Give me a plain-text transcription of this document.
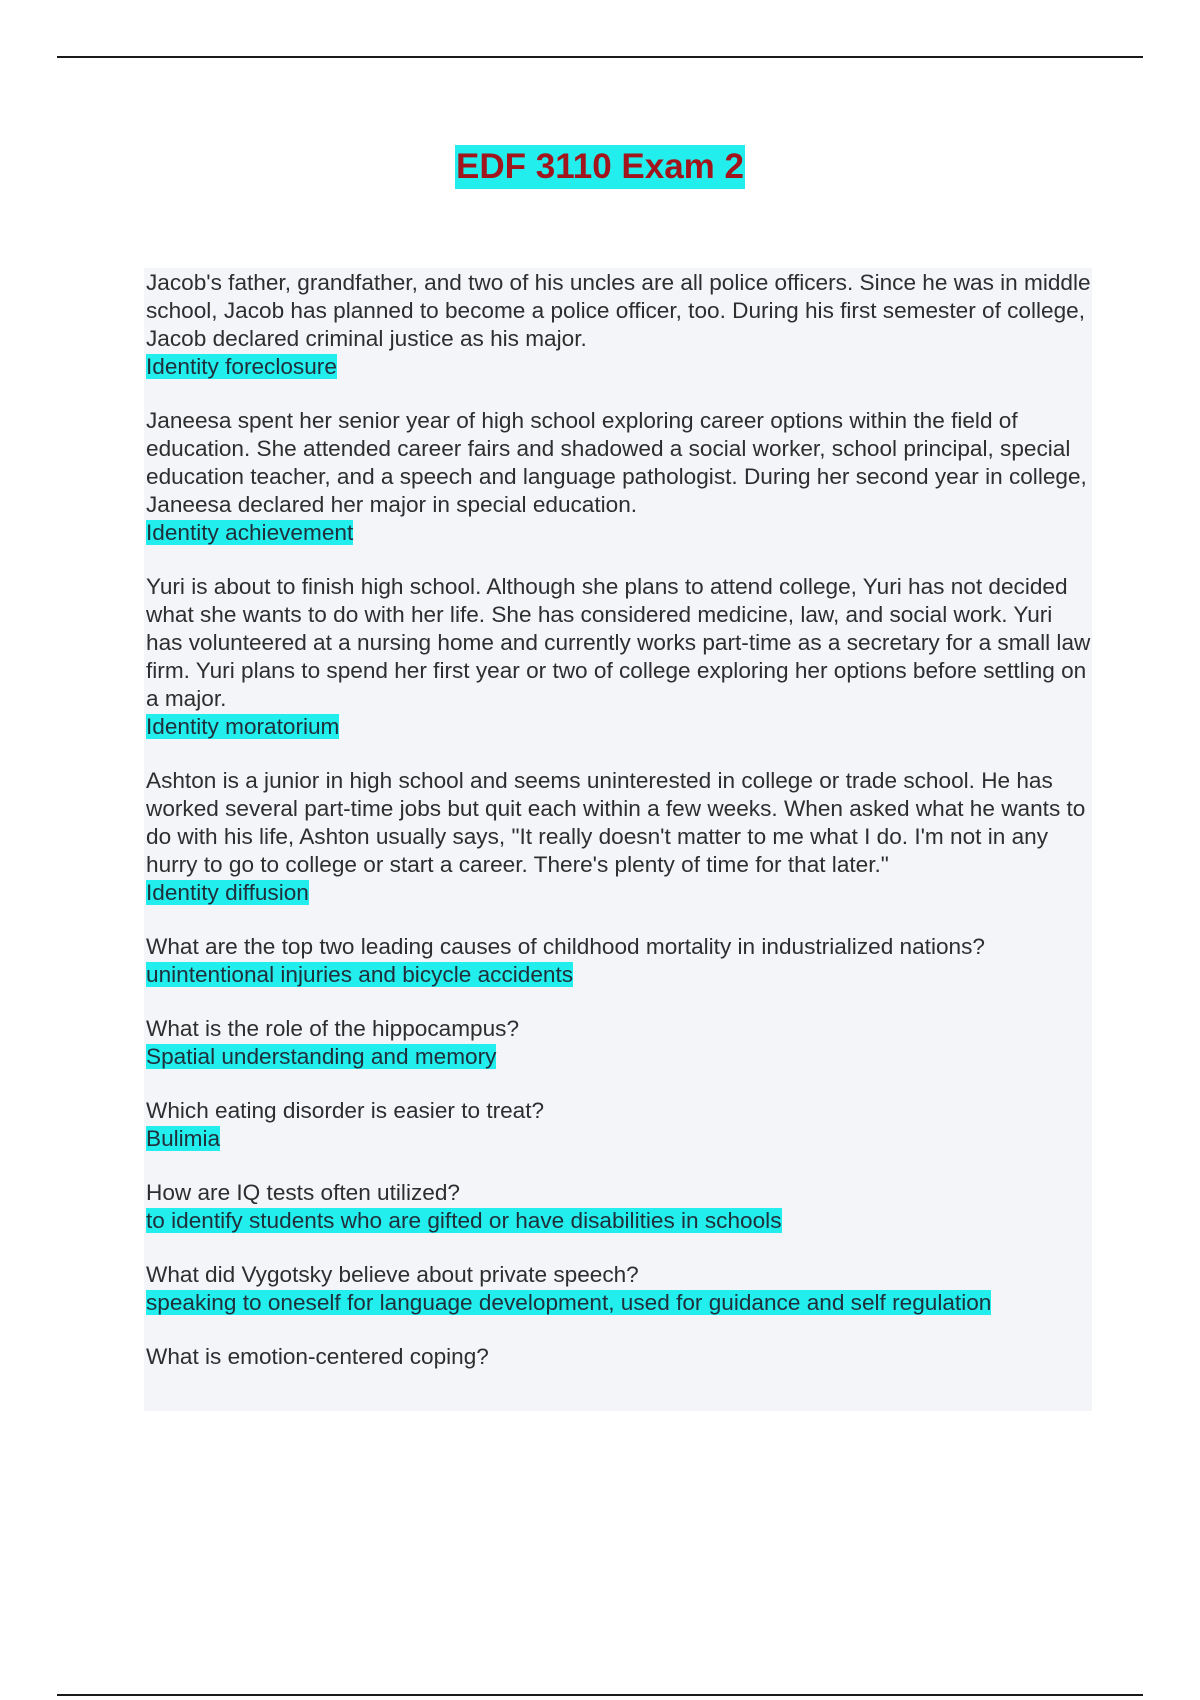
EDF 3110 Exam 2
Jacob's father, grandfather, and two of his uncles are all police officers. Since he was in middle school, Jacob has planned to become a police officer, too. During his first semester of college, Jacob declared criminal justice as his major.
Identity foreclosure
Janeesa spent her senior year of high school exploring career options within the field of education. She attended career fairs and shadowed a social worker, school principal, special education teacher, and a speech and language pathologist. During her second year in college, Janeesa declared her major in special education.
Identity achievement
Yuri is about to finish high school. Although she plans to attend college, Yuri has not decided what she wants to do with her life. She has considered medicine, law, and social work. Yuri has volunteered at a nursing home and currently works part-time as a secretary for a small law firm. Yuri plans to spend her first year or two of college exploring her options before settling on a major.
Identity moratorium
Ashton is a junior in high school and seems uninterested in college or trade school. He has worked several part-time jobs but quit each within a few weeks. When asked what he wants to do with his life, Ashton usually says, "It really doesn't matter to me what I do. I'm not in any hurry to go to college or start a career. There's plenty of time for that later."
Identity diffusion
What are the top two leading causes of childhood mortality in industrialized nations?
unintentional injuries and bicycle accidents
What is the role of the hippocampus?
Spatial understanding and memory
Which eating disorder is easier to treat?
Bulimia
How are IQ tests often utilized?
to identify students who are gifted or have disabilities in schools
What did Vygotsky believe about private speech?
speaking to oneself for language development, used for guidance and self regulation
What is emotion-centered coping?
